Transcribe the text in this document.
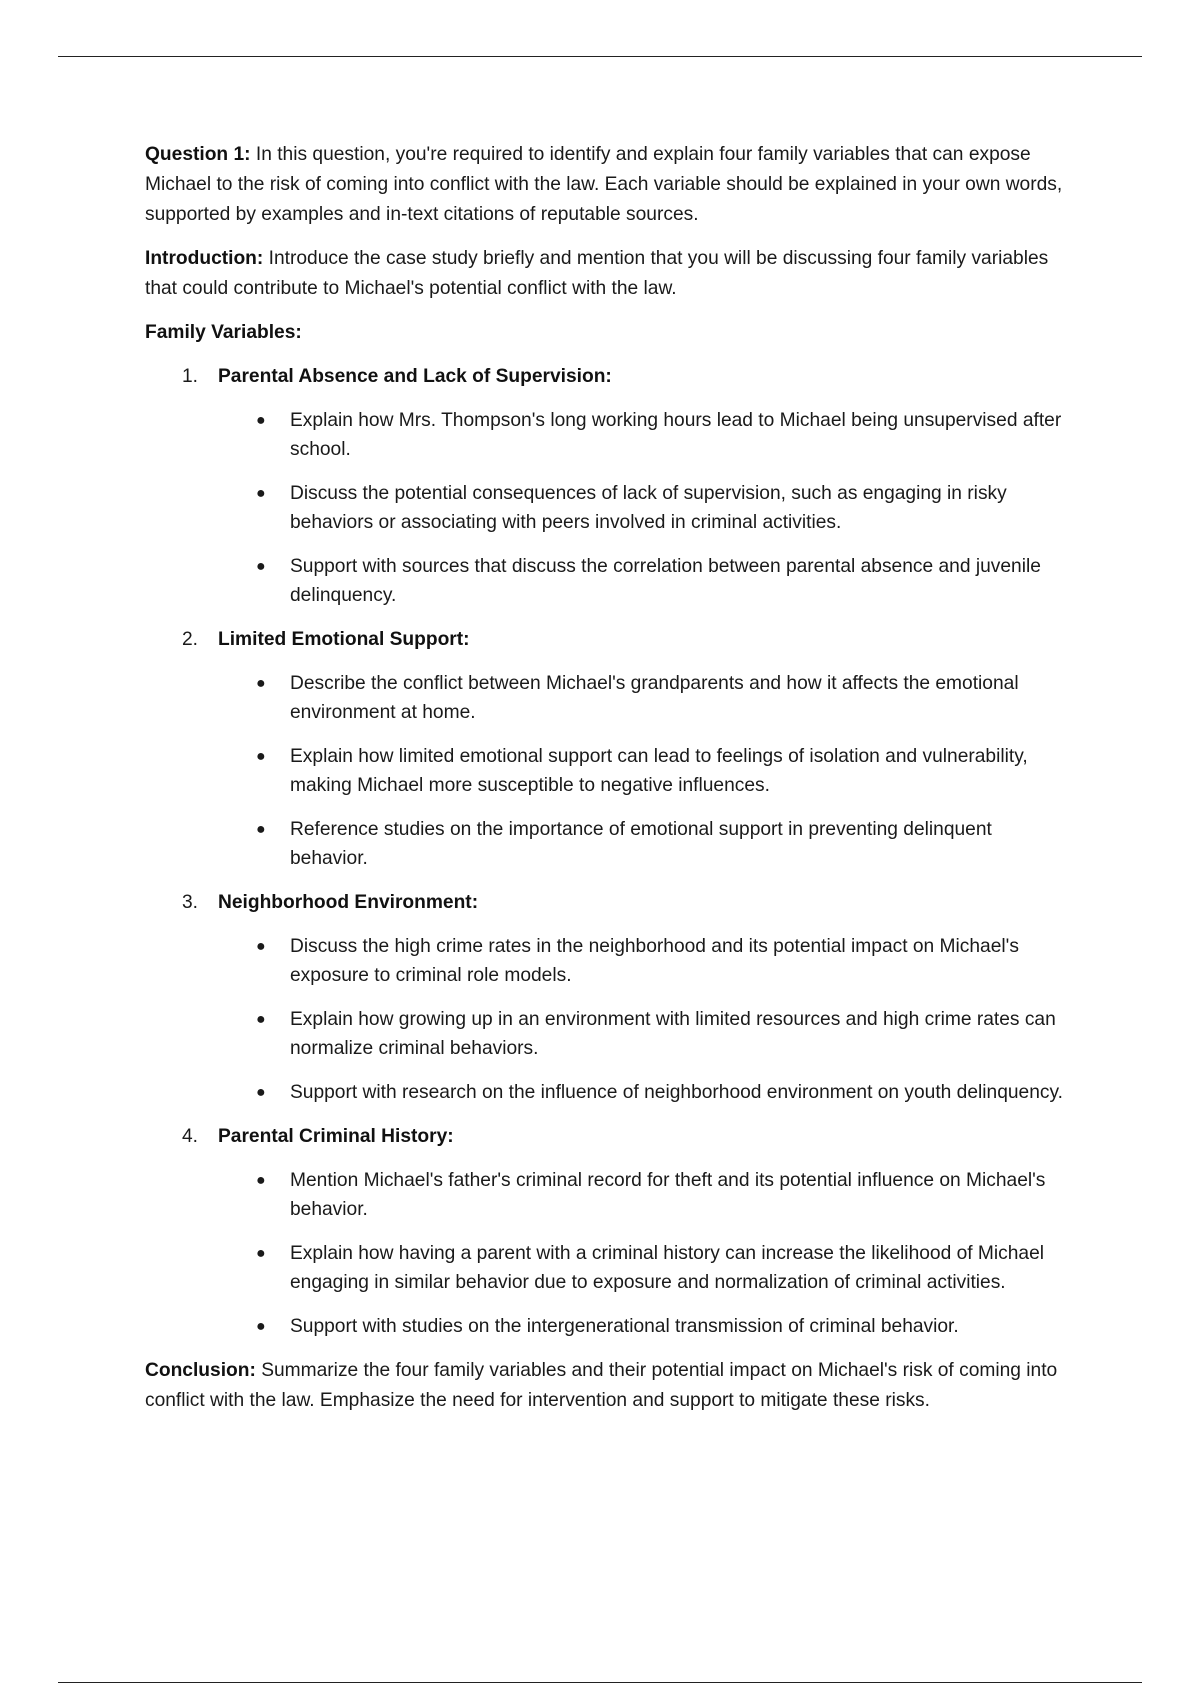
Question 1: In this question, you're required to identify and explain four family variables that can expose Michael to the risk of coming into conflict with the law. Each variable should be explained in your own words, supported by examples and in-text citations of reputable sources.

Introduction: Introduce the case study briefly and mention that you will be discussing four family variables that could contribute to Michael's potential conflict with the law.

Family Variables:

1.	Parental Absence and Lack of Supervision:
● Explain how Mrs. Thompson's long working hours lead to Michael being unsupervised after school.
● Discuss the potential consequences of lack of supervision, such as engaging in risky behaviors or associating with peers involved in criminal activities.
● Support with sources that discuss the correlation between parental absence and juvenile delinquency.
2.	Limited Emotional Support:
● Describe the conflict between Michael's grandparents and how it affects the emotional environment at home.
● Explain how limited emotional support can lead to feelings of isolation and vulnerability, making Michael more susceptible to negative influences.
● Reference studies on the importance of emotional support in preventing delinquent behavior.
3.	Neighborhood Environment:
● Discuss the high crime rates in the neighborhood and its potential impact on Michael's exposure to criminal role models.
● Explain how growing up in an environment with limited resources and high crime rates can normalize criminal behaviors.
● Support with research on the influence of neighborhood environment on youth delinquency.
4.	Parental Criminal History:
● Mention Michael's father's criminal record for theft and its potential influence on Michael's behavior.
● Explain how having a parent with a criminal history can increase the likelihood of Michael engaging in similar behavior due to exposure and normalization of criminal activities.
● Support with studies on the intergenerational transmission of criminal behavior.

Conclusion: Summarize the four family variables and their potential impact on Michael's risk of coming into conflict with the law. Emphasize the need for intervention and support to mitigate these risks.
